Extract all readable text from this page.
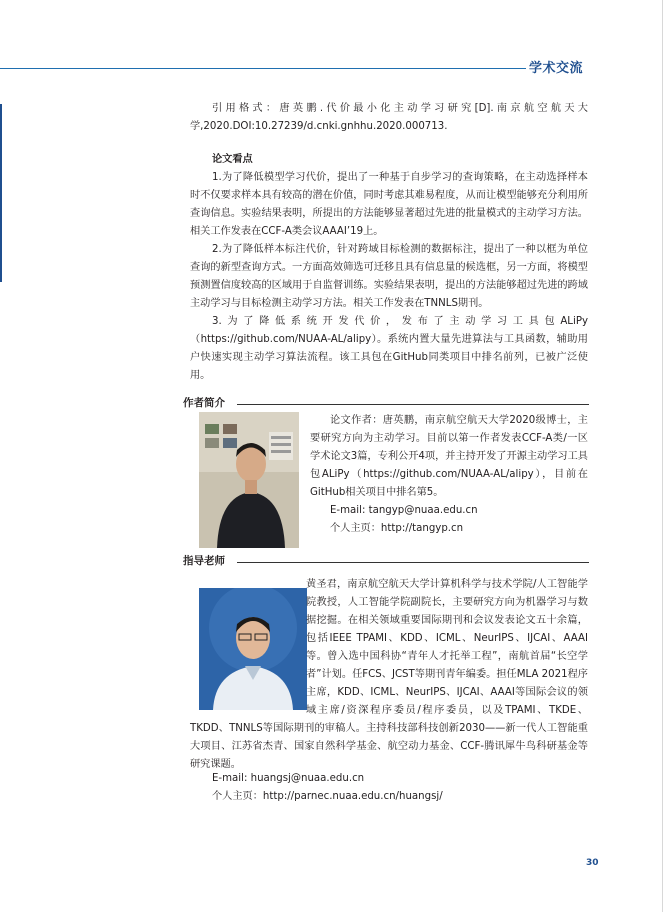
学术交流

引用格式：唐英鹏.代价最小化主动学习研究[D].南京航空航天大学,2020.DOI:10.27239/d.cnki.gnhhu.2020.000713.

论文看点

1.为了降低模型学习代价，提出了一种基于自步学习的查询策略，在主动选择样本时不仅要求样本具有较高的潜在价值，同时考虑其难易程度，从而让模型能够充分利用所查询信息。实验结果表明，所提出的方法能够显著超过先进的批量模式的主动学习方法。相关工作发表在CCF-A类会议AAAI’19上。

2.为了降低样本标注代价，针对跨域目标检测的数据标注，提出了一种以框为单位查询的新型查询方式。一方面高效筛选可迁移且具有信息量的候选框，另一方面，将模型预测置信度较高的区域用于自监督训练。实验结果表明，提出的方法能够超过先进的跨域主动学习与目标检测主动学习方法。相关工作发表在TNNLS期刊。

3.为了降低系统开发代价，发布了主动学习工具包ALiPy（https://github.com/NUAA-AL/alipy）。系统内置大量先进算法与工具函数，辅助用户快速实现主动学习算法流程。该工具包在GitHub同类项目中排名前列，已被广泛使用。

作者简介

论文作者：唐英鹏，南京航空航天大学2020级博士，主要研究方向为主动学习。目前以第一作者发表CCF-A类/一区学术论文3篇，专利公开4项，并主持开发了开源主动学习工具包ALiPy（https://github.com/NUAA-AL/alipy），目前在GitHub相关项目中排名第5。

E-mail: tangyp@nuaa.edu.cn

个人主页：http://tangyp.cn

指导老师

黄圣君，南京航空航天大学计算机科学与技术学院/人工智能学院教授，人工智能学院副院长，主要研究方向为机器学习与数据挖掘。在相关领域重要国际期刊和会议发表论文五十余篇，包括IEEE TPAMI、KDD、ICML、NeurIPS、IJCAI、AAAI等。曾入选中国科协“青年人才托举工程”，南航首届“长空学者”计划。任FCS、JCST等期刊青年编委。担任MLA 2021程序主席，KDD、ICML、NeurIPS、IJCAI、AAAI等国际会议的领域主席/资深程序委员/程序委员，以及TPAMI、TKDE、TKDD、TNNLS等国际期刊的审稿人。主持科技部科技创新2030——新一代人工智能重大项目、江苏省杰青、国家自然科学基金、航空动力基金、CCF-腾讯犀牛鸟科研基金等研究课题。

E-mail: huangsj@nuaa.edu.cn

个人主页：http://parnec.nuaa.edu.cn/huangsj/

30
